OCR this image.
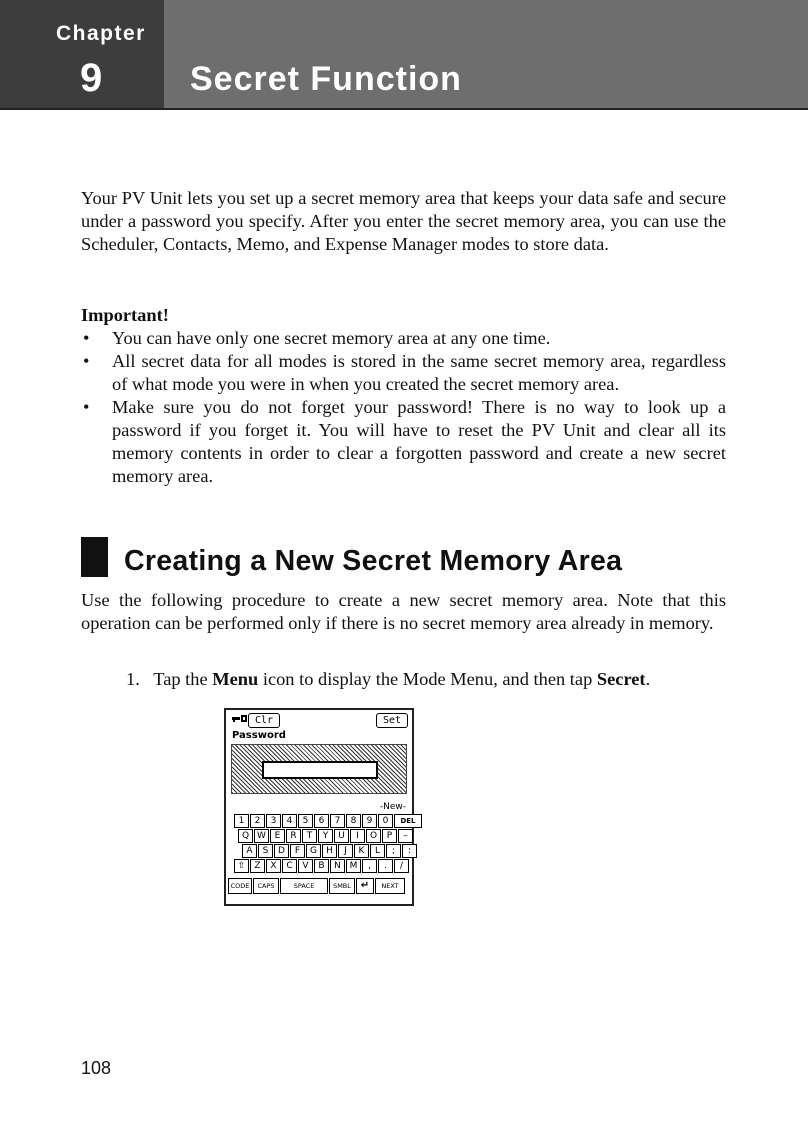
Chapter
9	Secret Function
Your PV Unit lets you set up a secret memory area that keeps your data safe and secure under a password you specify. After you enter the secret memory area, you can use the Scheduler, Contacts, Memo, and Expense Manager modes to store data.
Important!
• You can have only one secret memory area at any one time.
• All secret data for all modes is stored in the same secret memory area, regardless of what mode you were in when you created the secret memory area.
• Make sure you do not forget your password! There is no way to look up a password if you forget it. You will have to reset the PV Unit and clear all its memory contents in order to clear a forgotten password and create a new secret memory area.
Creating a New Secret Memory Area
Use the following procedure to create a new secret memory area. Note that this operation can be performed only if there is no secret memory area already in memory.
1. Tap the Menu icon to display the Mode Menu, and then tap Secret.
Clr	Set
Password
-New-
1	2	3	4	5	6	7	8	9	0	DEL
Q W E	R	T	Y	U	I	O	P	–
A	S	D	F	G	H	J	K	L	;	:
⇧	Z	X	C	V	B	N M	,	.	/
CODE	CAPS	SPACE	SMBL ↵	NEXT
108
